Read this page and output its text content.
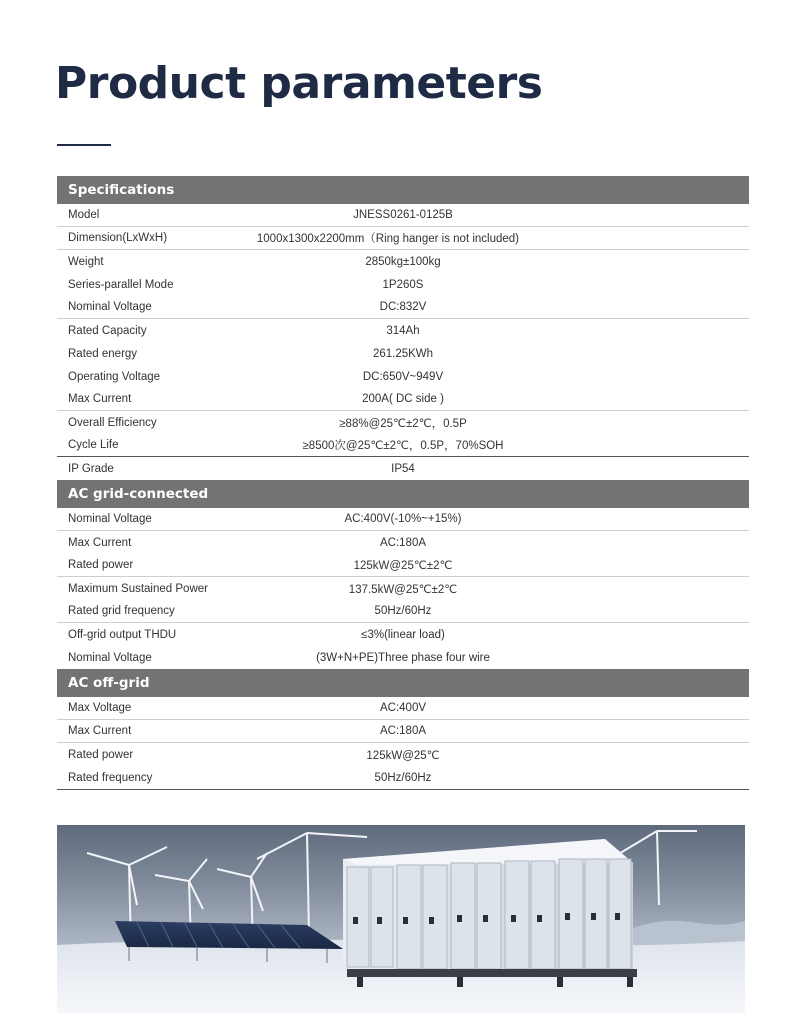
Product parameters
Specifications
Model	JNESS0261-0125B
Dimension(LxWxH)	1000x1300x2200mm（Ring hanger is not included)
Weight	2850kg±100kg
Series-parallel Mode	1P260S
Nominal Voltage	DC:832V
Rated Capacity	314Ah
Rated energy	261.25KWh
Operating Voltage	DC:650V~949V
Max Current	200A( DC side )
Overall Efficiency	≥88%@25℃±2℃，0.5P
Cycle Life	≥8500次@25℃±2℃，0.5P，70%SOH
IP Grade	IP54
AC grid-connected
Nominal Voltage	AC:400V(-10%~+15%)
Max Current	AC:180A
Rated power	125kW@25℃±2℃
Maximum Sustained Power	137.5kW@25℃±2℃
Rated grid frequency	50Hz/60Hz
Off-grid output THDU	≤3%(linear load)
Nominal Voltage	(3W+N+PE)Three phase four wire
AC off-grid
Max Voltage	AC:400V
Max Current	AC:180A
Rated power	125kW@25℃
Rated frequency	50Hz/60Hz
